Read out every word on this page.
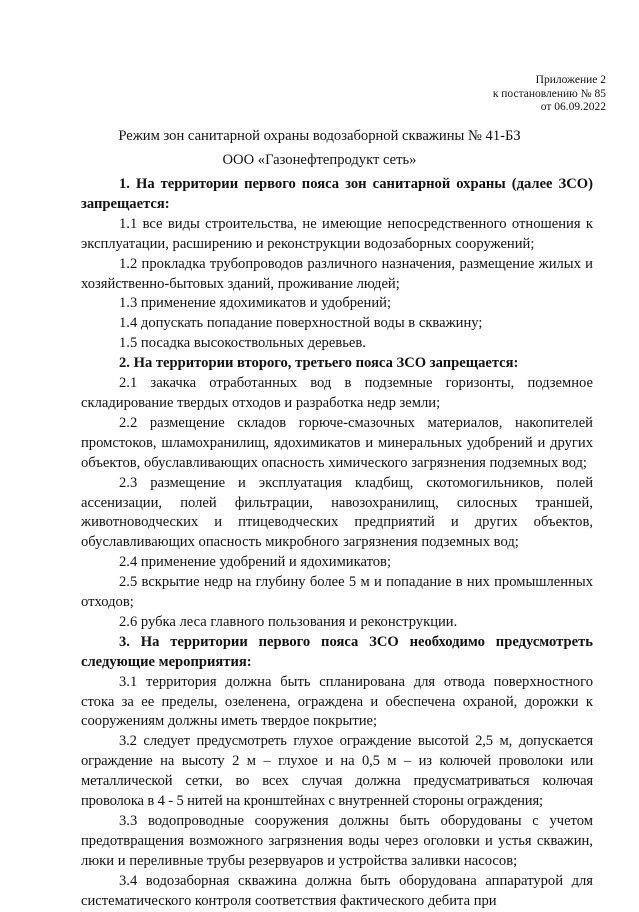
Приложение 2
к постановлению № 85
от 06.09.2022
Режим зон санитарной охраны водозаборной скважины № 41-БЗ
ООО «Газонефтепродукт сеть»

1. На территории первого пояса зон санитарной охраны (далее ЗСО) запрещается:

1.1 все виды строительства, не имеющие непосредственного отношения к эксплуатации, расширению и реконструкции водозаборных сооружений;

1.2 прокладка трубопроводов различного назначения, размещение жилых и хозяйственно-бытовых зданий, проживание людей;

1.3 применение ядохимикатов и удобрений;

1.4 допускать попадание поверхностной воды в скважину;

1.5 посадка высокоствольных деревьев.

2. На территории второго, третьего пояса ЗСО запрещается:

2.1 закачка отработанных вод в подземные горизонты, подземное складирование твердых отходов и разработка недр земли;

2.2 размещение складов горюче-смазочных материалов, накопителей промстоков, шламохранилищ, ядохимикатов и минеральных удобрений и других объектов, обуславливающих опасность химического загрязнения подземных вод;

2.3 размещение и эксплуатация кладбищ, скотомогильников, полей ассенизации, полей фильтрации, навозохранилищ, силосных траншей, животноводческих и птицеводческих предприятий и других объектов, обуславливающих опасность микробного загрязнения подземных вод;

2.4 применение удобрений и ядохимикатов;

2.5 вскрытие недр на глубину более 5 м и попадание в них промышленных отходов;

2.6 рубка леса главного пользования и реконструкции.

3. На территории первого пояса ЗСО необходимо предусмотреть следующие мероприятия:

3.1 территория должна быть спланирована для отвода поверхностного стока за ее пределы, озеленена, ограждена и обеспечена охраной, дорожки к сооружениям должны иметь твердое покрытие;

3.2 следует предусмотреть глухое ограждение высотой 2,5 м, допускается ограждение на высоту 2 м – глухое и на 0,5 м – из колючей проволоки или металлической сетки, во всех случая должна предусматриваться колючая проволока в 4 - 5 нитей на кронштейнах с внутренней стороны ограждения;

3.3 водопроводные сооружения должны быть оборудованы с учетом предотвращения возможного загрязнения воды через оголовки и устья скважин, люки и переливные трубы резервуаров и устройства заливки насосов;

3.4 водозаборная скважина должна быть оборудована аппаратурой для систематического контроля соответствия фактического дебита при
